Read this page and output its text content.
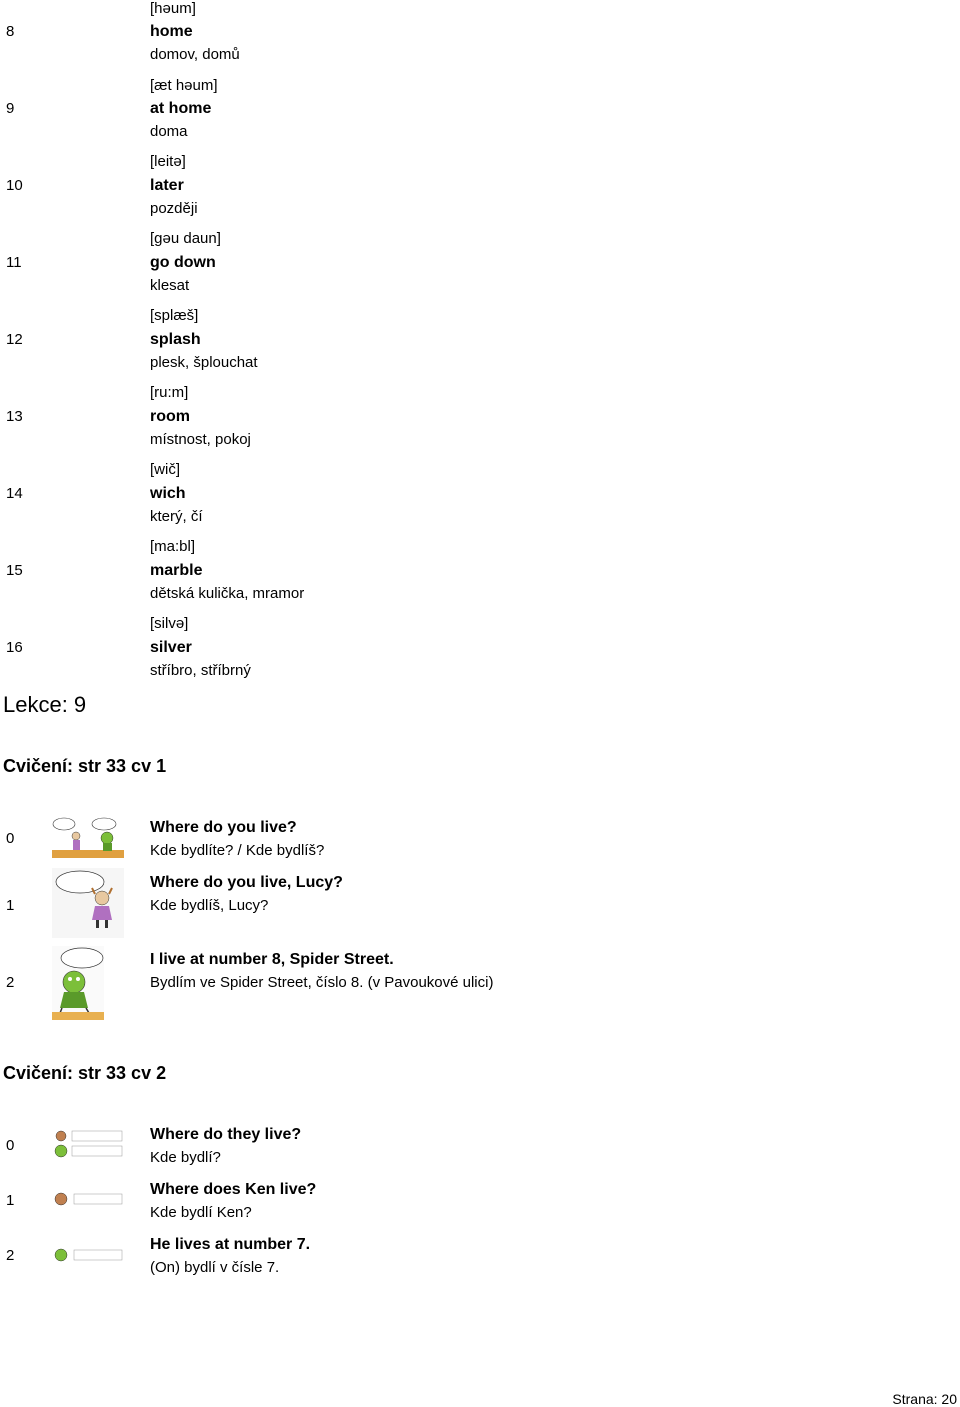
[həum]
8	home
domov, domů
[æt həum]
9	at home
doma
[leitə]
10	later
později
[gəu daun]
11	go down
klesat
[splæš]
12	splash
plesk, šplouchat
[ru:m]
13	room
místnost, pokoj
[wič]
14	wich
který, čí
[ma:bl]
15	marble
dětská kulička, mramor
[silvə]
16	silver
stříbro, stříbrný
Lekce: 9
Cvičení: str 33 cv 1
0
Where do you live?
Kde bydlíte? / Kde bydlíš?
1
Where do you live, Lucy?
Kde bydlíš, Lucy?
2
I live at number 8, Spider Street.
Bydlím ve Spider Street, číslo 8. (v Pavoukové ulici)
Cvičení: str 33 cv 2
0
Where do they live?
Kde bydlí?
1
Where does Ken live?
Kde bydlí Ken?
2
He lives at number 7.
(On) bydlí v čísle 7.
Strana: 20
